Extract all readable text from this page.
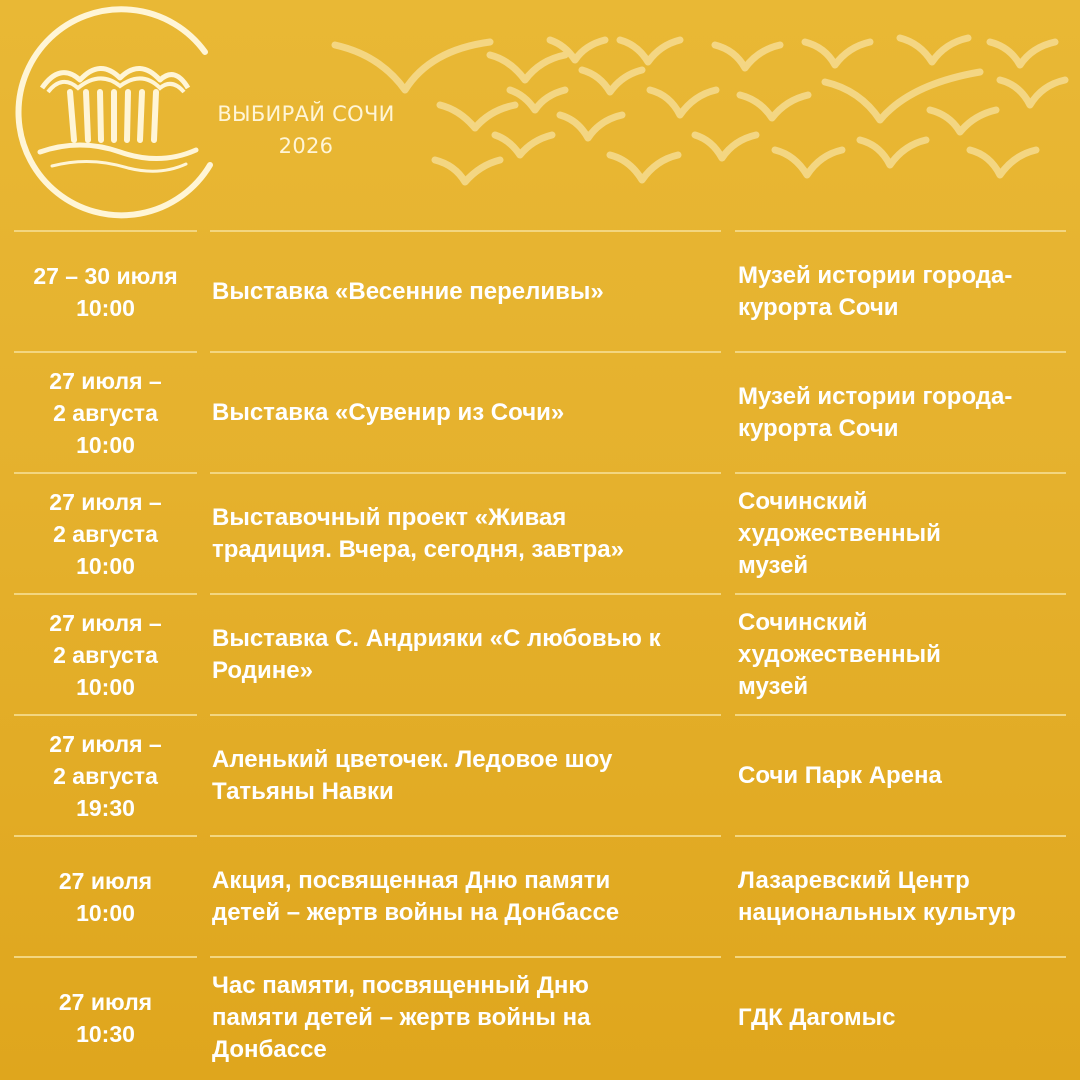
ВЫБИРАЙ СОЧИ
2026
27 – 30 июля
10:00
Выставка «Весенние переливы»
Музей истории города-
курорта Сочи
27 июля –
2 августа
10:00
Выставка «Сувенир из Сочи»
Музей истории города-
курорта Сочи
27 июля –
2 августа
10:00
Выставочный проект «Живая
традиция. Вчера, сегодня, завтра»
Сочинский
художественный
музей
27 июля –
2 августа
10:00
Выставка С. Андрияки «С любовью к
Родине»
Сочинский
художественный
музей
27 июля –
2 августа
19:30
Аленький цветочек. Ледовое шоу
Татьяны Навки
Сочи Парк Арена
27 июля
10:00
Акция, посвященная Дню памяти
детей – жертв войны на Донбассе
Лазаревский Центр
национальных культур
27 июля
10:30
Час памяти, посвященный Дню
памяти детей – жертв войны на
Донбассе
ГДК Дагомыс
